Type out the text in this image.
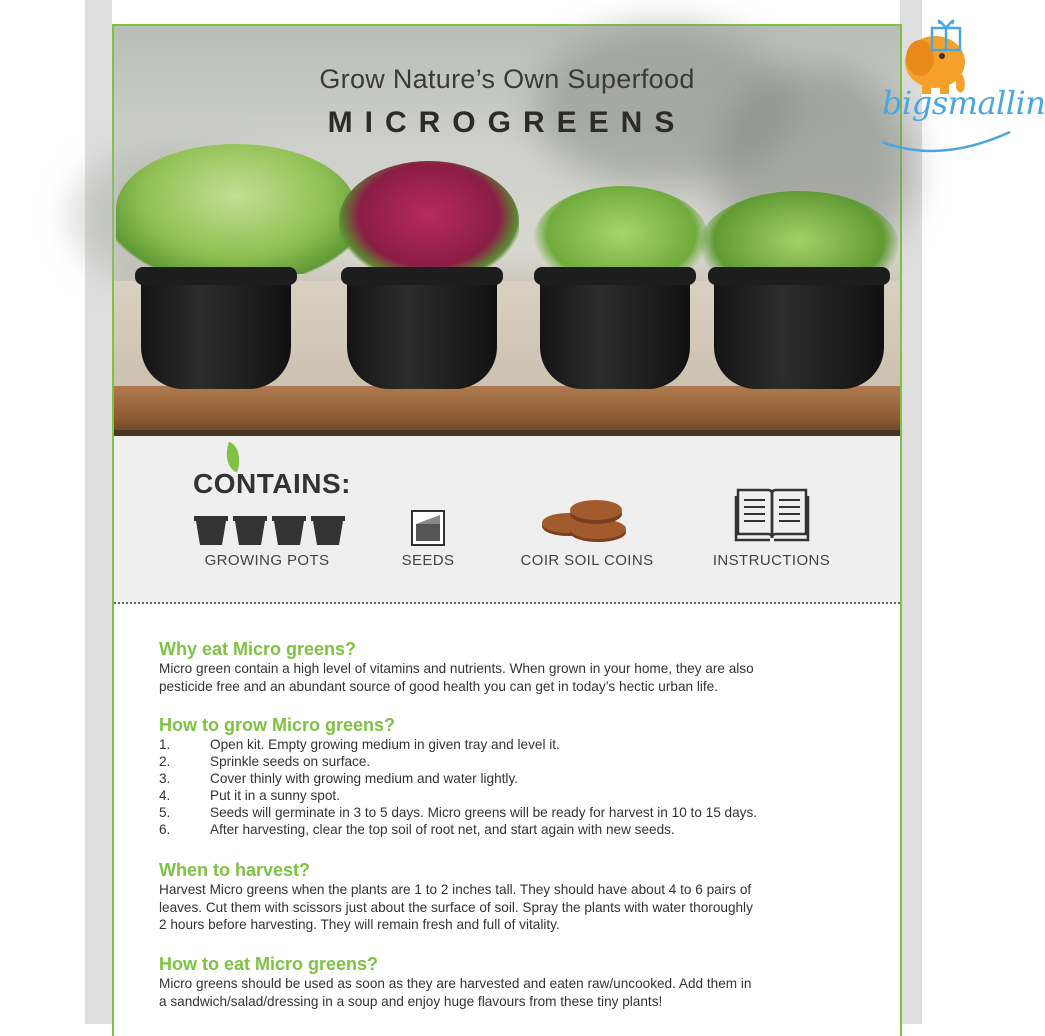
Grow Nature’s Own Superfood
MICROGREENS
CONTAINS:
GROWING POTS	SEEDS	COIR SOIL COINS	INSTRUCTIONS
Why eat Micro greens?
Micro green contain a high level of vitamins and nutrients. When grown in your home, they are also
pesticide free and an abundant source of good health you can get in today’s hectic urban life.
How to grow Micro greens?
1.	Open kit. Empty growing medium in given tray and level it.
2.	Sprinkle seeds on surface.
3.	Cover thinly with growing medium and water lightly.
4.	Put it in a sunny spot.
5.	Seeds will germinate in 3 to 5 days. Micro greens will be ready for harvest in 10 to 15 days.
6.	After harvesting, clear the top soil of root net, and start again with new seeds.
When to harvest?
Harvest Micro greens when the plants are 1 to 2 inches tall. They should have about 4 to 6 pairs of
leaves. Cut them with scissors just about the surface of soil. Spray the plants with water thoroughly
2 hours before harvesting. They will remain fresh and full of vitality.
How to eat Micro greens?
Micro greens should be used as soon as they are harvested and eaten raw/uncooked. Add them in
a sandwich/salad/dressing in a soup and enjoy huge flavours from these tiny plants!
bigsmallin
